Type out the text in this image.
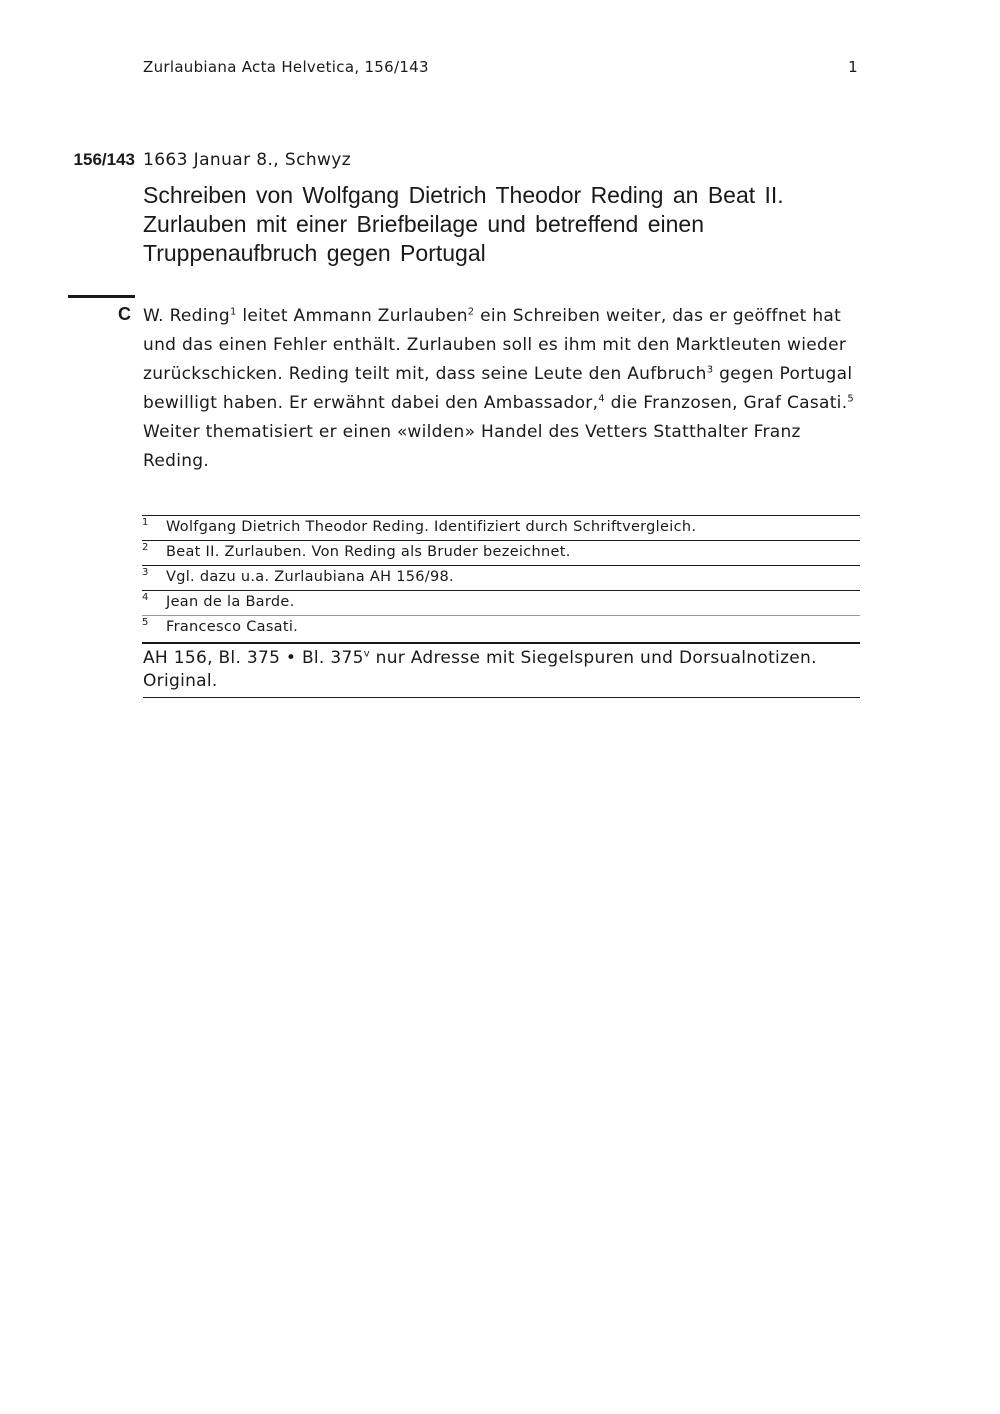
Zurlaubiana Acta Helvetica, 156/143	1
156/143 1663 Januar 8., Schwyz
Schreiben von Wolfgang Dietrich Theodor Reding an Beat II. Zurlauben mit einer Briefbeilage und betreffend einen Truppenaufbruch gegen Portugal
C W. Reding$^1$ leitet Ammann Zurlauben$^2$ ein Schreiben weiter, das er geöffnet hat und das einen Fehler enthält. Zurlauben soll es ihm mit den Marktleuten wieder zurückschicken. Reding teilt mit, dass seine Leute den Aufbruch$^3$ gegen Portugal bewilligt haben. Er erwähnt dabei den Ambassador,$^4$ die Franzosen, Graf Casati.$^5$ Weiter thematisiert er einen «wilden» Handel des Vetters Statthalter Franz Reding.
1 Wolfgang Dietrich Theodor Reding. Identifiziert durch Schriftvergleich.
2 Beat II. Zurlauben. Von Reding als Bruder bezeichnet.
3 Vgl. dazu u.a. Zurlaubiana AH 156/98.
4 Jean de la Barde.
5 Francesco Casati.
AH 156, Bl. 375 • Bl. 375$^v$ nur Adresse mit Siegelspuren und Dorsualnotizen. Original.
